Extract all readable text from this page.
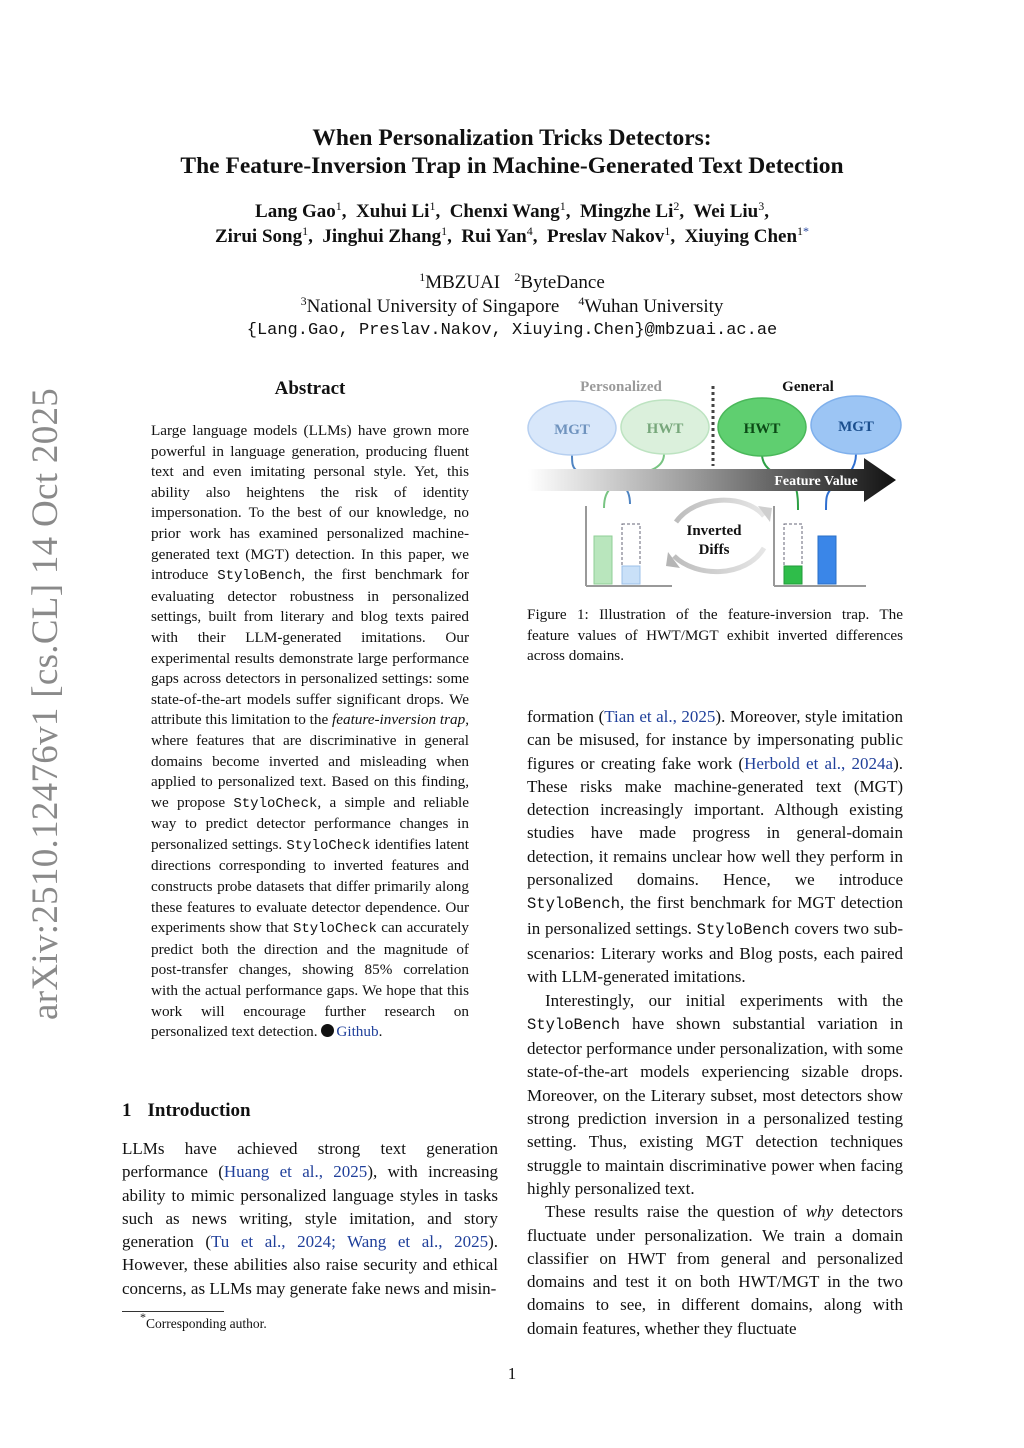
arXiv:2510.12476v1 [cs.CL] 14 Oct 2025
When Personalization Tricks Detectors:
The Feature-Inversion Trap in Machine-Generated Text Detection
Lang Gao$^1$,  Xuhui Li$^1$,  Chenxi Wang$^1$,  Mingzhe Li$^2$,  Wei Liu$^3$,
Zirui Song$^1$,  Jinghui Zhang$^1$,  Rui Yan$^4$,  Preslav Nakov$^1$,  Xiuying Chen$^{1*}$
$^1$MBZUAI $^2$ByteDance
$^3$National University of Singapore $^4$Wuhan University
{Lang.Gao, Preslav.Nakov, Xiuying.Chen}@mbzuai.ac.ae
Abstract
Large language models (LLMs) have grown more powerful in language generation, producing fluent text and even imitating personal style. Yet, this ability also heightens the risk of identity impersonation. To the best of our knowledge, no prior work has examined personalized machine-generated text (MGT) detection. In this paper, we introduce StyloBench, the first benchmark for evaluating detector robustness in personalized settings, built from literary and blog texts paired with their LLM-generated imitations. Our experimental results demonstrate large performance gaps across detectors in personalized settings: some state-of-the-art models suffer significant drops. We attribute this limitation to the feature-inversion trap, where features that are discriminative in general domains become inverted and misleading when applied to personalized text. Based on this finding, we propose StyloCheck, a simple and reliable way to predict detector performance changes in personalized settings. StyloCheck identifies latent directions corresponding to inverted features and constructs probe datasets that differ primarily along these features to evaluate detector dependence. Our experiments show that StyloCheck can accurately predict both the direction and the magnitude of post-transfer changes, showing 85% correlation with the actual performance gaps. We hope that this work will encourage further research on personalized text detection. Github.
1 Introduction
LLMs have achieved strong text generation performance (Huang et al., 2025), with increasing ability to mimic personalized language styles in tasks such as news writing, style imitation, and story generation (Tu et al., 2024; Wang et al., 2025). However, these abilities also raise security and ethical concerns, as LLMs may generate fake news and misin-
*Corresponding author.
Personalized	General
MGT	HWT	HWT	MGT
Feature Value
Inverted
Diffs
Figure 1: Illustration of the feature-inversion trap. The feature values of HWT/MGT exhibit inverted differences across domains.

formation (Tian et al., 2025). Moreover, style imitation can be misused, for instance by impersonating public figures or creating fake work (Herbold et al., 2024a). These risks make machine-generated text (MGT) detection increasingly important. Although existing studies have made progress in general-domain detection, it remains unclear how well they perform in personalized domains. Hence, we introduce StyloBench, the first benchmark for MGT detection in personalized settings. StyloBench covers two sub-scenarios: Literary works and Blog posts, each paired with LLM-generated imitations.

Interestingly, our initial experiments with the StyloBench have shown substantial variation in detector performance under personalization, with some state-of-the-art models experiencing sizable drops. Moreover, on the Literary subset, most detectors show strong prediction inversion in a personalized testing setting. Thus, existing MGT detection techniques struggle to maintain discriminative power when facing highly personalized text.

These results raise the question of why detectors fluctuate under personalization. We train a domain classifier on HWT from general and personalized domains and test it on both HWT/MGT in the two domains to see, in different domains, along with domain features, whether they fluctuate

1
